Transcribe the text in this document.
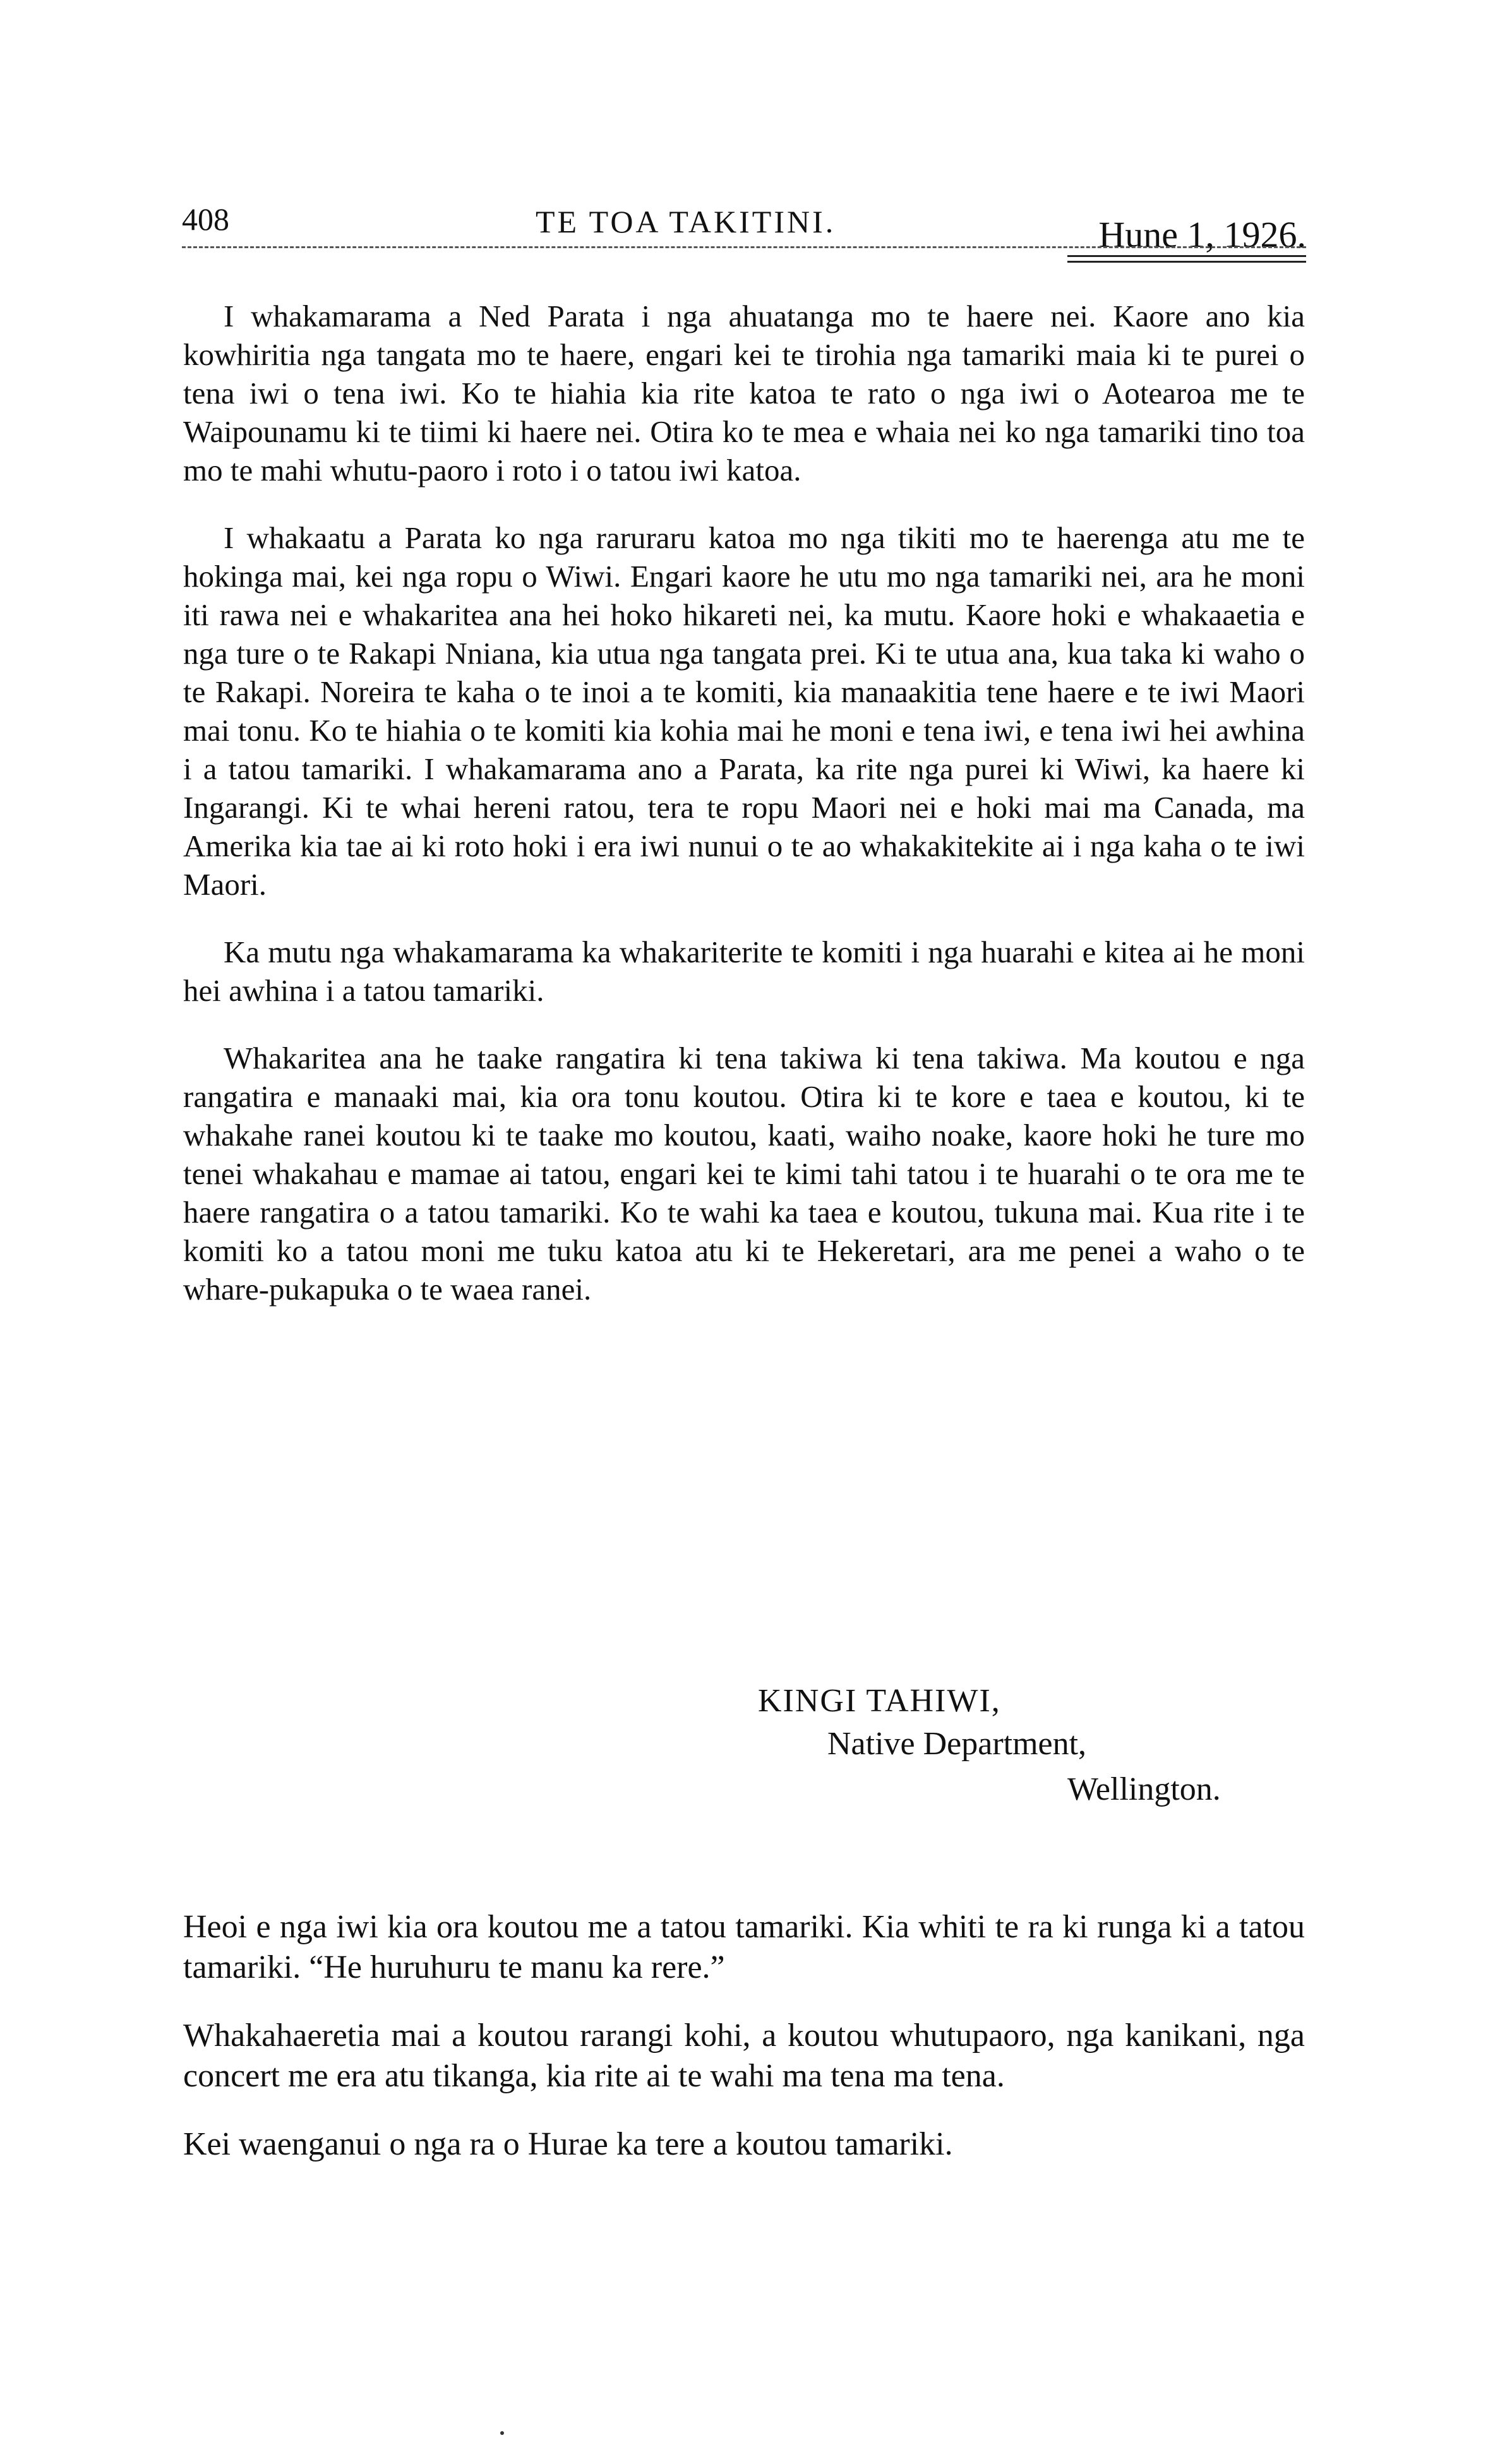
408	TE TOA TAKITINI.	Hune 1, 1926.

I whakamarama a Ned Parata i nga ahuatanga mo te haere nei. Kaore ano kia kowhiritia nga tangata mo te haere, engari kei te tirohia nga tamariki maia ki te purei o tena iwi o tena iwi. Ko te hiahia kia rite katoa te rato o nga iwi o Aotearoa me te Waipounamu ki te tiimi ki haere nei. Otira ko te mea e whaia nei ko nga tamariki tino toa mo te mahi whutu-paoro i roto i o tatou iwi katoa.

I whakaatu a Parata ko nga raruraru katoa mo nga tikiti mo te haerenga atu me te hokinga mai, kei nga ropu o Wiwi. Engari kaore he utu mo nga tamariki nei, ara he moni iti rawa nei e whakaritea ana hei hoko hikareti nei, ka mutu. Kaore hoki e whakaaetia e nga ture o te Rakapi Nniana, kia utua nga tangata prei. Ki te utua ana, kua taka ki waho o te Rakapi. Noreira te kaha o te inoi a te komiti, kia manaakitia tene haere e te iwi Maori mai tonu. Ko te hiahia o te komiti kia kohia mai he moni e tena iwi, e tena iwi hei awhina i a tatou tamariki. I whakamarama ano a Parata, ka rite nga purei ki Wiwi, ka haere ki Ingarangi. Ki te whai hereni ratou, tera te ropu Maori nei e hoki mai ma Canada, ma Amerika kia tae ai ki roto hoki i era iwi nunui o te ao whakakitekite ai i nga kaha o te iwi Maori.

Ka mutu nga whakamarama ka whakariterite te komiti i nga huarahi e kitea ai he moni hei awhina i a tatou tamariki.

Whakaritea ana he taake rangatira ki tena takiwa ki tena takiwa. Ma koutou e nga rangatira e manaaki mai, kia ora tonu koutou. Otira ki te kore e taea e koutou, ki te whakahe ranei koutou ki te taake mo koutou, kaati, waiho noake, kaore hoki he ture mo tenei whakahau e mamae ai tatou, engari kei te kimi tahi tatou i te huarahi o te ora me te haere rangatira o a tatou tamariki. Ko te wahi ka taea e koutou, tukuna mai. Kua rite i te komiti ko a tatou moni me tuku katoa atu ki te Hekeretari, ara me penei a waho o te whare-pukapuka o te waea ranei.

KINGI TAHIWI,
Native Department,
Wellington.

Heoi e nga iwi kia ora koutou me a tatou tamariki. Kia whiti te ra ki runga ki a tatou tamariki. “He huruhuru te manu ka rere.”

Whakahaeretia mai a koutou rarangi kohi, a koutou whutupaoro, nga kanikani, nga concert me era atu tikanga, kia rite ai te wahi ma tena ma tena.

Kei waenganui o nga ra o Hurae ka tere a koutou tamariki.
